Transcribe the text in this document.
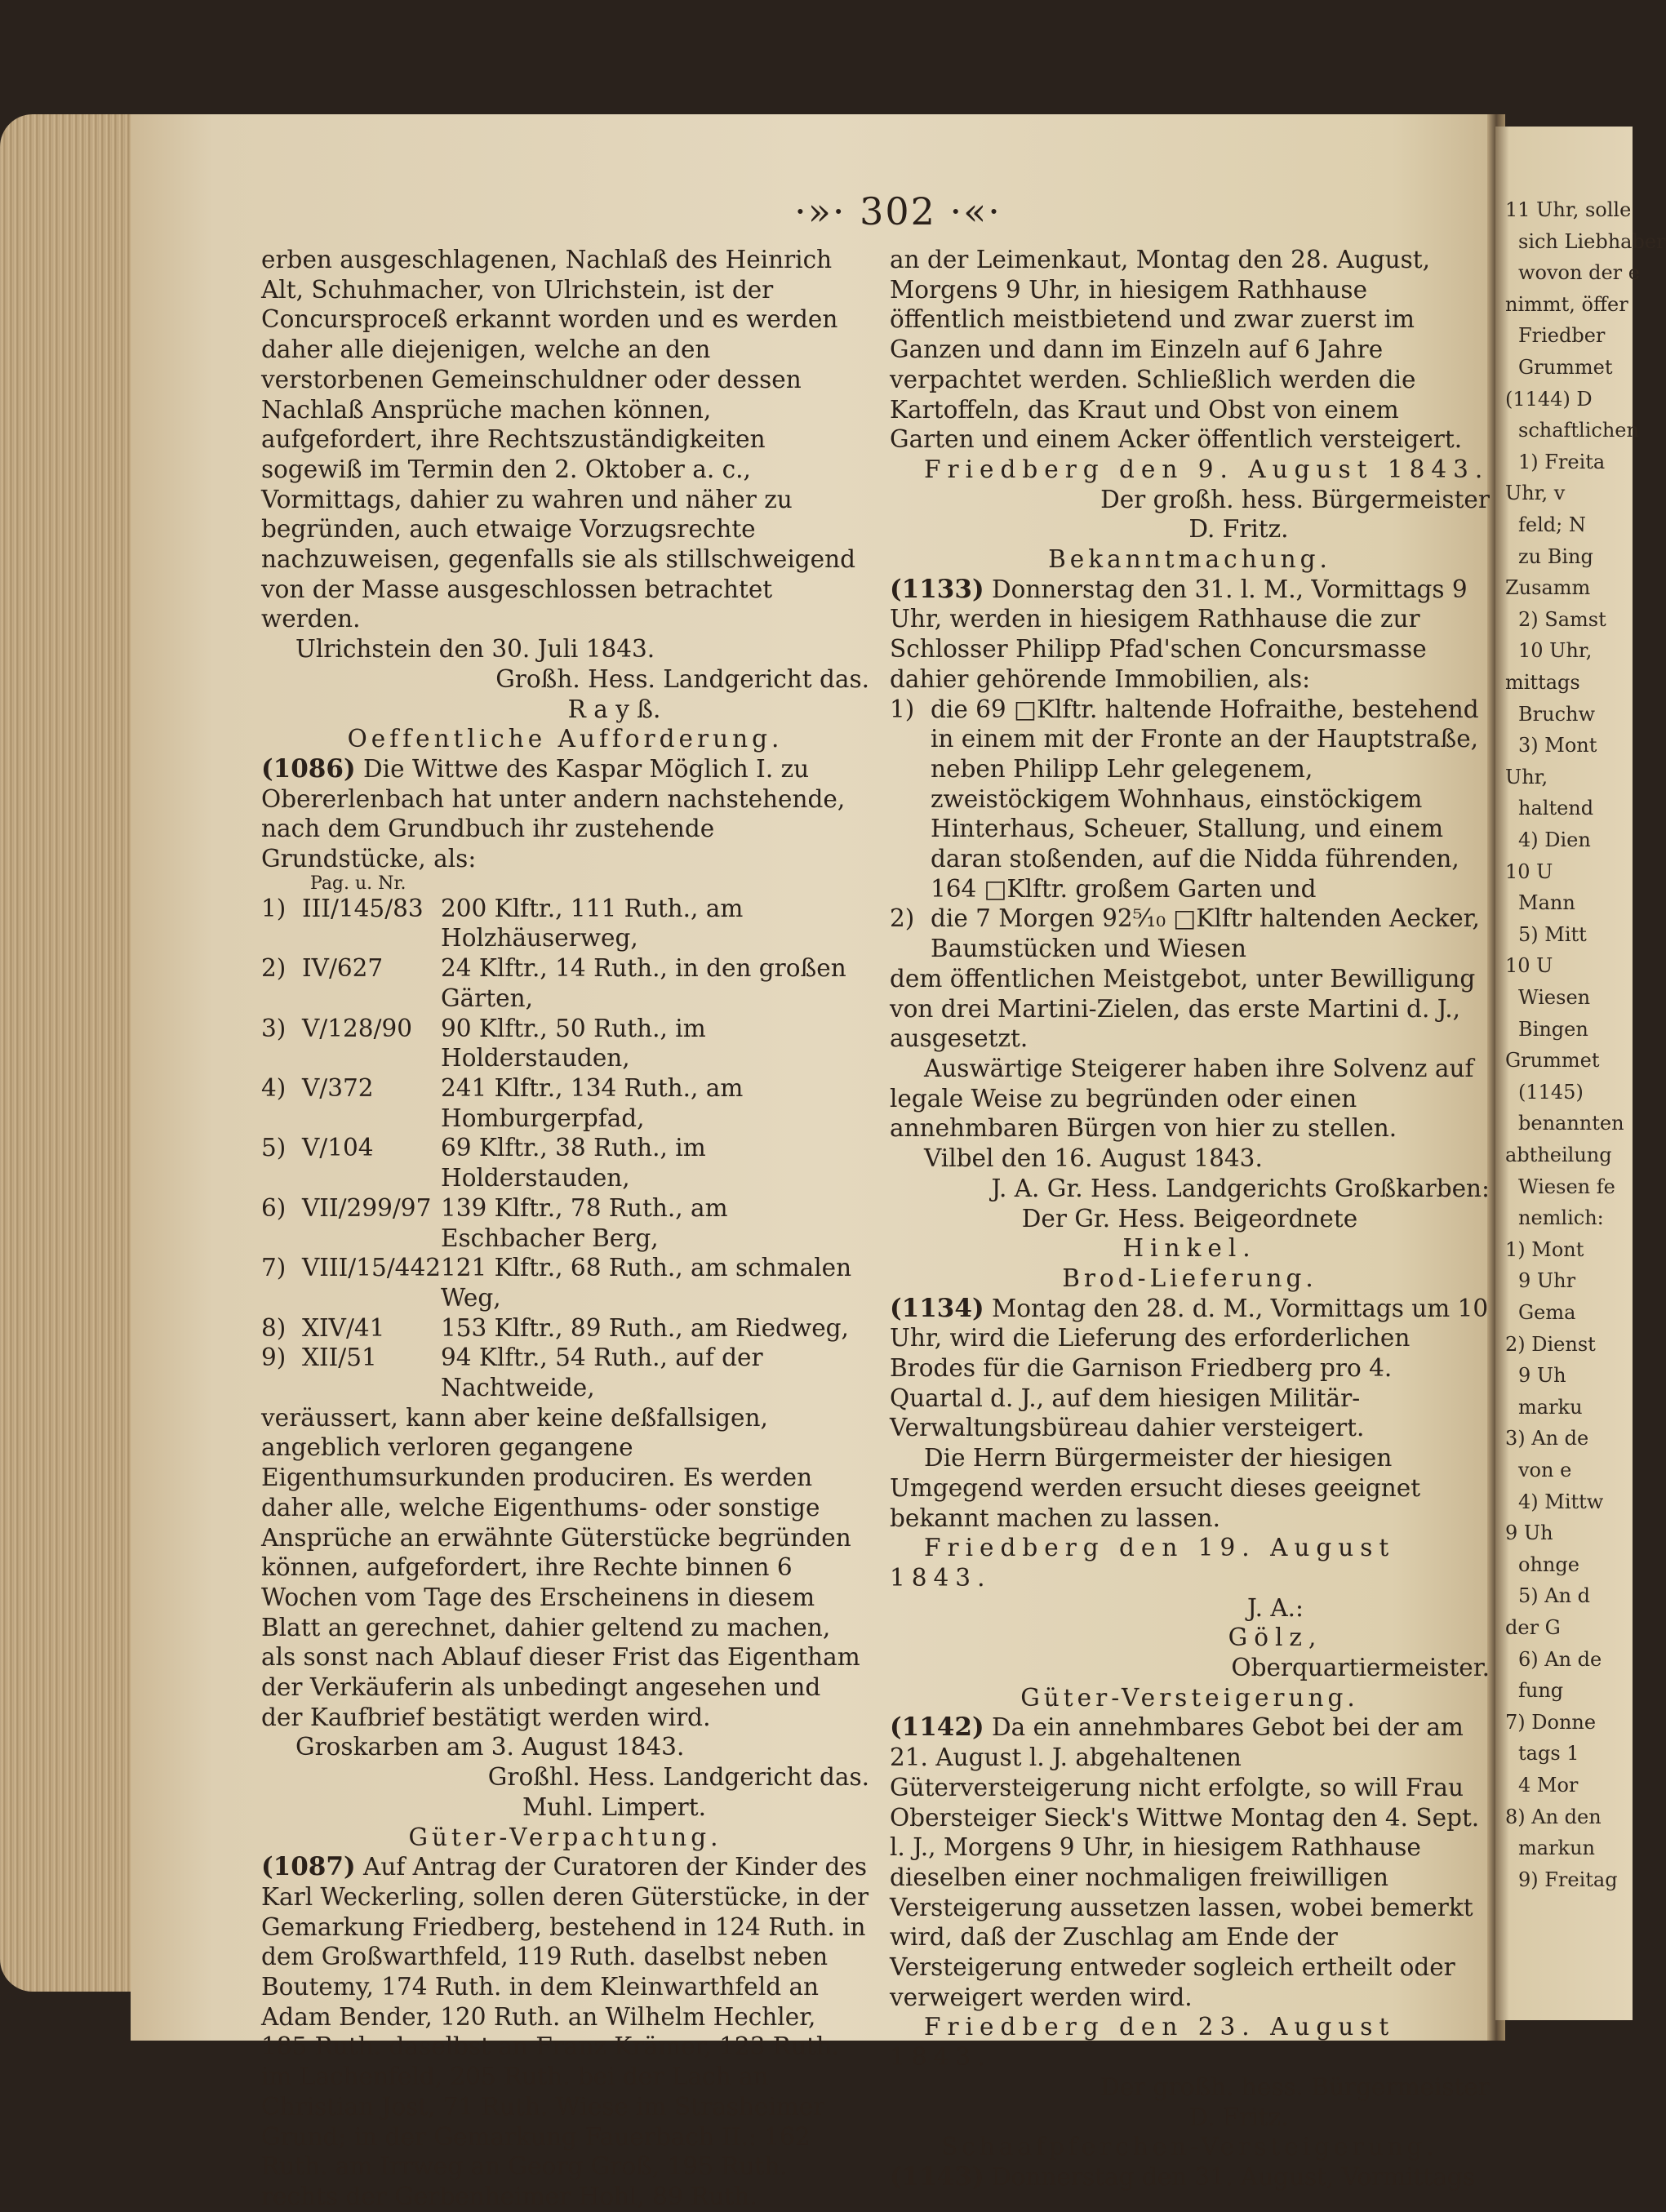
·»· 302 ·«·

erben ausgeschlagenen, Nachlaß des Heinrich Alt, Schuhmacher, von Ulrichstein, ist der Concursproceß erkannt worden und es werden daher alle diejenigen, welche an den verstorbenen Gemeinschuldner oder dessen Nachlaß Ansprüche machen können, aufgefordert, ihre Rechtszuständigkeiten sogewiß im Termin den 2. Oktober a. c., Vormittags, dahier zu wahren und näher zu begründen, auch etwaige Vorzugsrechte nachzuweisen, gegenfalls sie als stillschweigend von der Masse ausgeschlossen betrachtet werden.

Ulrichstein den 30. Juli 1843.

Großh. Hess. Landgericht das.

R a y ß.

Oeffentliche Aufforderung.

(1086) Die Wittwe des Kaspar Möglich I. zu Obererlenbach hat unter andern nachstehende, nach dem Grundbuch ihr zustehende Grundstücke, als:

Pag. u. Nr.
1)	III/145/83	200 Klftr., 111 Ruth., am Holzhäuserweg,
2)	IV/627	24 Klftr., 14 Ruth., in den großen Gärten,
3)	V/128/90	90 Klftr., 50 Ruth., im Holderstauden,
4)	V/372	241 Klftr., 134 Ruth., am Homburgerpfad,
5)	V/104	69 Klftr., 38 Ruth., im Holderstauden,
6)	VII/299/97	139 Klftr., 78 Ruth., am Eschbacher Berg,
7)	VIII/15/442	121 Klftr., 68 Ruth., am schmalen Weg,
8)	XIV/41	153 Klftr., 89 Ruth., am Riedweg,
9)	XII/51	94 Klftr., 54 Ruth., auf der Nachtweide,

veräussert, kann aber keine deßfallsigen, angeblich verloren gegangene Eigenthumsurkunden produciren. Es werden daher alle, welche Eigenthums- oder sonstige Ansprüche an erwähnte Güterstücke begründen können, aufgefordert, ihre Rechte binnen 6 Wochen vom Tage des Erscheinens in diesem Blatt an gerechnet, dahier geltend zu machen, als sonst nach Ablauf dieser Frist das Eigentham der Verkäuferin als unbedingt angesehen und der Kaufbrief bestätigt werden wird.

Groskarben am 3. August 1843.

Großhl. Hess. Landgericht das.

Muhl. Limpert.

Güter-Verpachtung.

(1087) Auf Antrag der Curatoren der Kinder des Karl Weckerling, sollen deren Güterstücke, in der Gemarkung Friedberg, bestehend in 124 Ruth. in dem Großwarthfeld, 119 Ruth. daselbst neben Boutemy, 174 Ruth. in dem Kleinwarthfeld an Adam Bender, 120 Ruth. an Wilhelm Hechler, 185 Ruth. daselbst an Franz Krämer, 123 Ruth. im Lachenfeld, 205 Ruth. bei der Lach an Christian Jost, 71 Ruth. Wiese im Strasheimer Grund; in der Gemarkung Fauerbach II.: 162 Ruth. am Irrweg an Georg Groß, 195 Ruth. rechts der Gerbenheimer Hohl, 89 Ruth.

an der Leimenkaut, Montag den 28. August, Morgens 9 Uhr, in hiesigem Rathhause öffentlich meistbietend und zwar zuerst im Ganzen und dann im Einzeln auf 6 Jahre verpachtet werden. Schließlich werden die Kartoffeln, das Kraut und Obst von einem Garten und einem Acker öffentlich versteigert.

Friedberg den 9. August 1843.

Der großh. hess. Bürgermeister

D. Fritz.

Bekanntmachung.

(1133) Donnerstag den 31. l. M., Vormittags 9 Uhr, werden in hiesigem Rathhause die zur Schlosser Philipp Pfad'schen Concursmasse dahier gehörende Immobilien, als:

1)	die 69 □Klftr. haltende Hofraithe, bestehend in einem mit der Fronte an der Hauptstraße, neben Philipp Lehr gelegenem, zweistöckigem Wohnhaus, einstöckigem Hinterhaus, Scheuer, Stallung, und einem daran stoßenden, auf die Nidda führenden, 164 □Klftr. großem Garten und
2)	die 7 Morgen 92⁵⁄₁₀ □Klftr haltenden Aecker, Baumstücken und Wiesen

dem öffentlichen Meistgebot, unter Bewilligung von drei Martini-Zielen, das erste Martini d. J., ausgesetzt.

Auswärtige Steigerer haben ihre Solvenz auf legale Weise zu begründen oder einen annehmbaren Bürgen von hier zu stellen.

Vilbel den 16. August 1843.

J. A. Gr. Hess. Landgerichts Großkarben:

Der Gr. Hess. Beigeordnete

Hinkel.

Brod-Lieferung.

(1134) Montag den 28. d. M., Vormittags um 10 Uhr, wird die Lieferung des erforderlichen Brodes für die Garnison Friedberg pro 4. Quartal d. J., auf dem hiesigen Militär-Verwaltungsbüreau dahier versteigert.

Die Herrn Bürgermeister der hiesigen Umgegend werden ersucht dieses geeignet bekannt machen zu lassen.

Friedberg den 19. August 1843.

J. A.:

Gölz,

Oberquartiermeister.

Güter-Versteigerung.

(1142) Da ein annehmbares Gebot bei der am 21. August l. J. abgehaltenen Güterversteigerung nicht erfolgte, so will Frau Obersteiger Sieck's Wittwe Montag den 4. Sept. l. J., Morgens 9 Uhr, in hiesigem Rathhause dieselben einer nochmaligen freiwilligen Versteigerung aussetzen lassen, wobei bemerkt wird, daß der Zuschlag am Ende der Versteigerung entweder sogleich ertheilt oder verweigert werden wird.

Friedberg den 23. August 1843.

Der großh. hess. Bürgermeister

D. Fritz.

Schaafpferchen-Versteigerung.

(1143) Donnerstag den 31. August, Vormittags

11 Uhr, solle
sich Liebhaber
wovon der e
nimmt, öffer
Friedber
Grummet
(1144) D
schaftlichen
1) Freita
Uhr, v
feld; N
zu Bing
Zusamm
2) Samst
10 Uhr,
mittags
Bruchw
3) Mont
Uhr,
haltend
4) Dien
10 U
Mann
5) Mitt
10 U
Wiesen
Bingen
Grummet
(1145)
benannten
abtheilung
Wiesen fe
nemlich:
1) Mont
9 Uhr
Gema
2) Dienst
9 Uh
marku
3) An de
von e
4) Mittw
9 Uh
ohnge
5) An d
der G
6) An de
fung
7) Donne
tags 1
4 Mor
8) An den
markun
9) Freitag
